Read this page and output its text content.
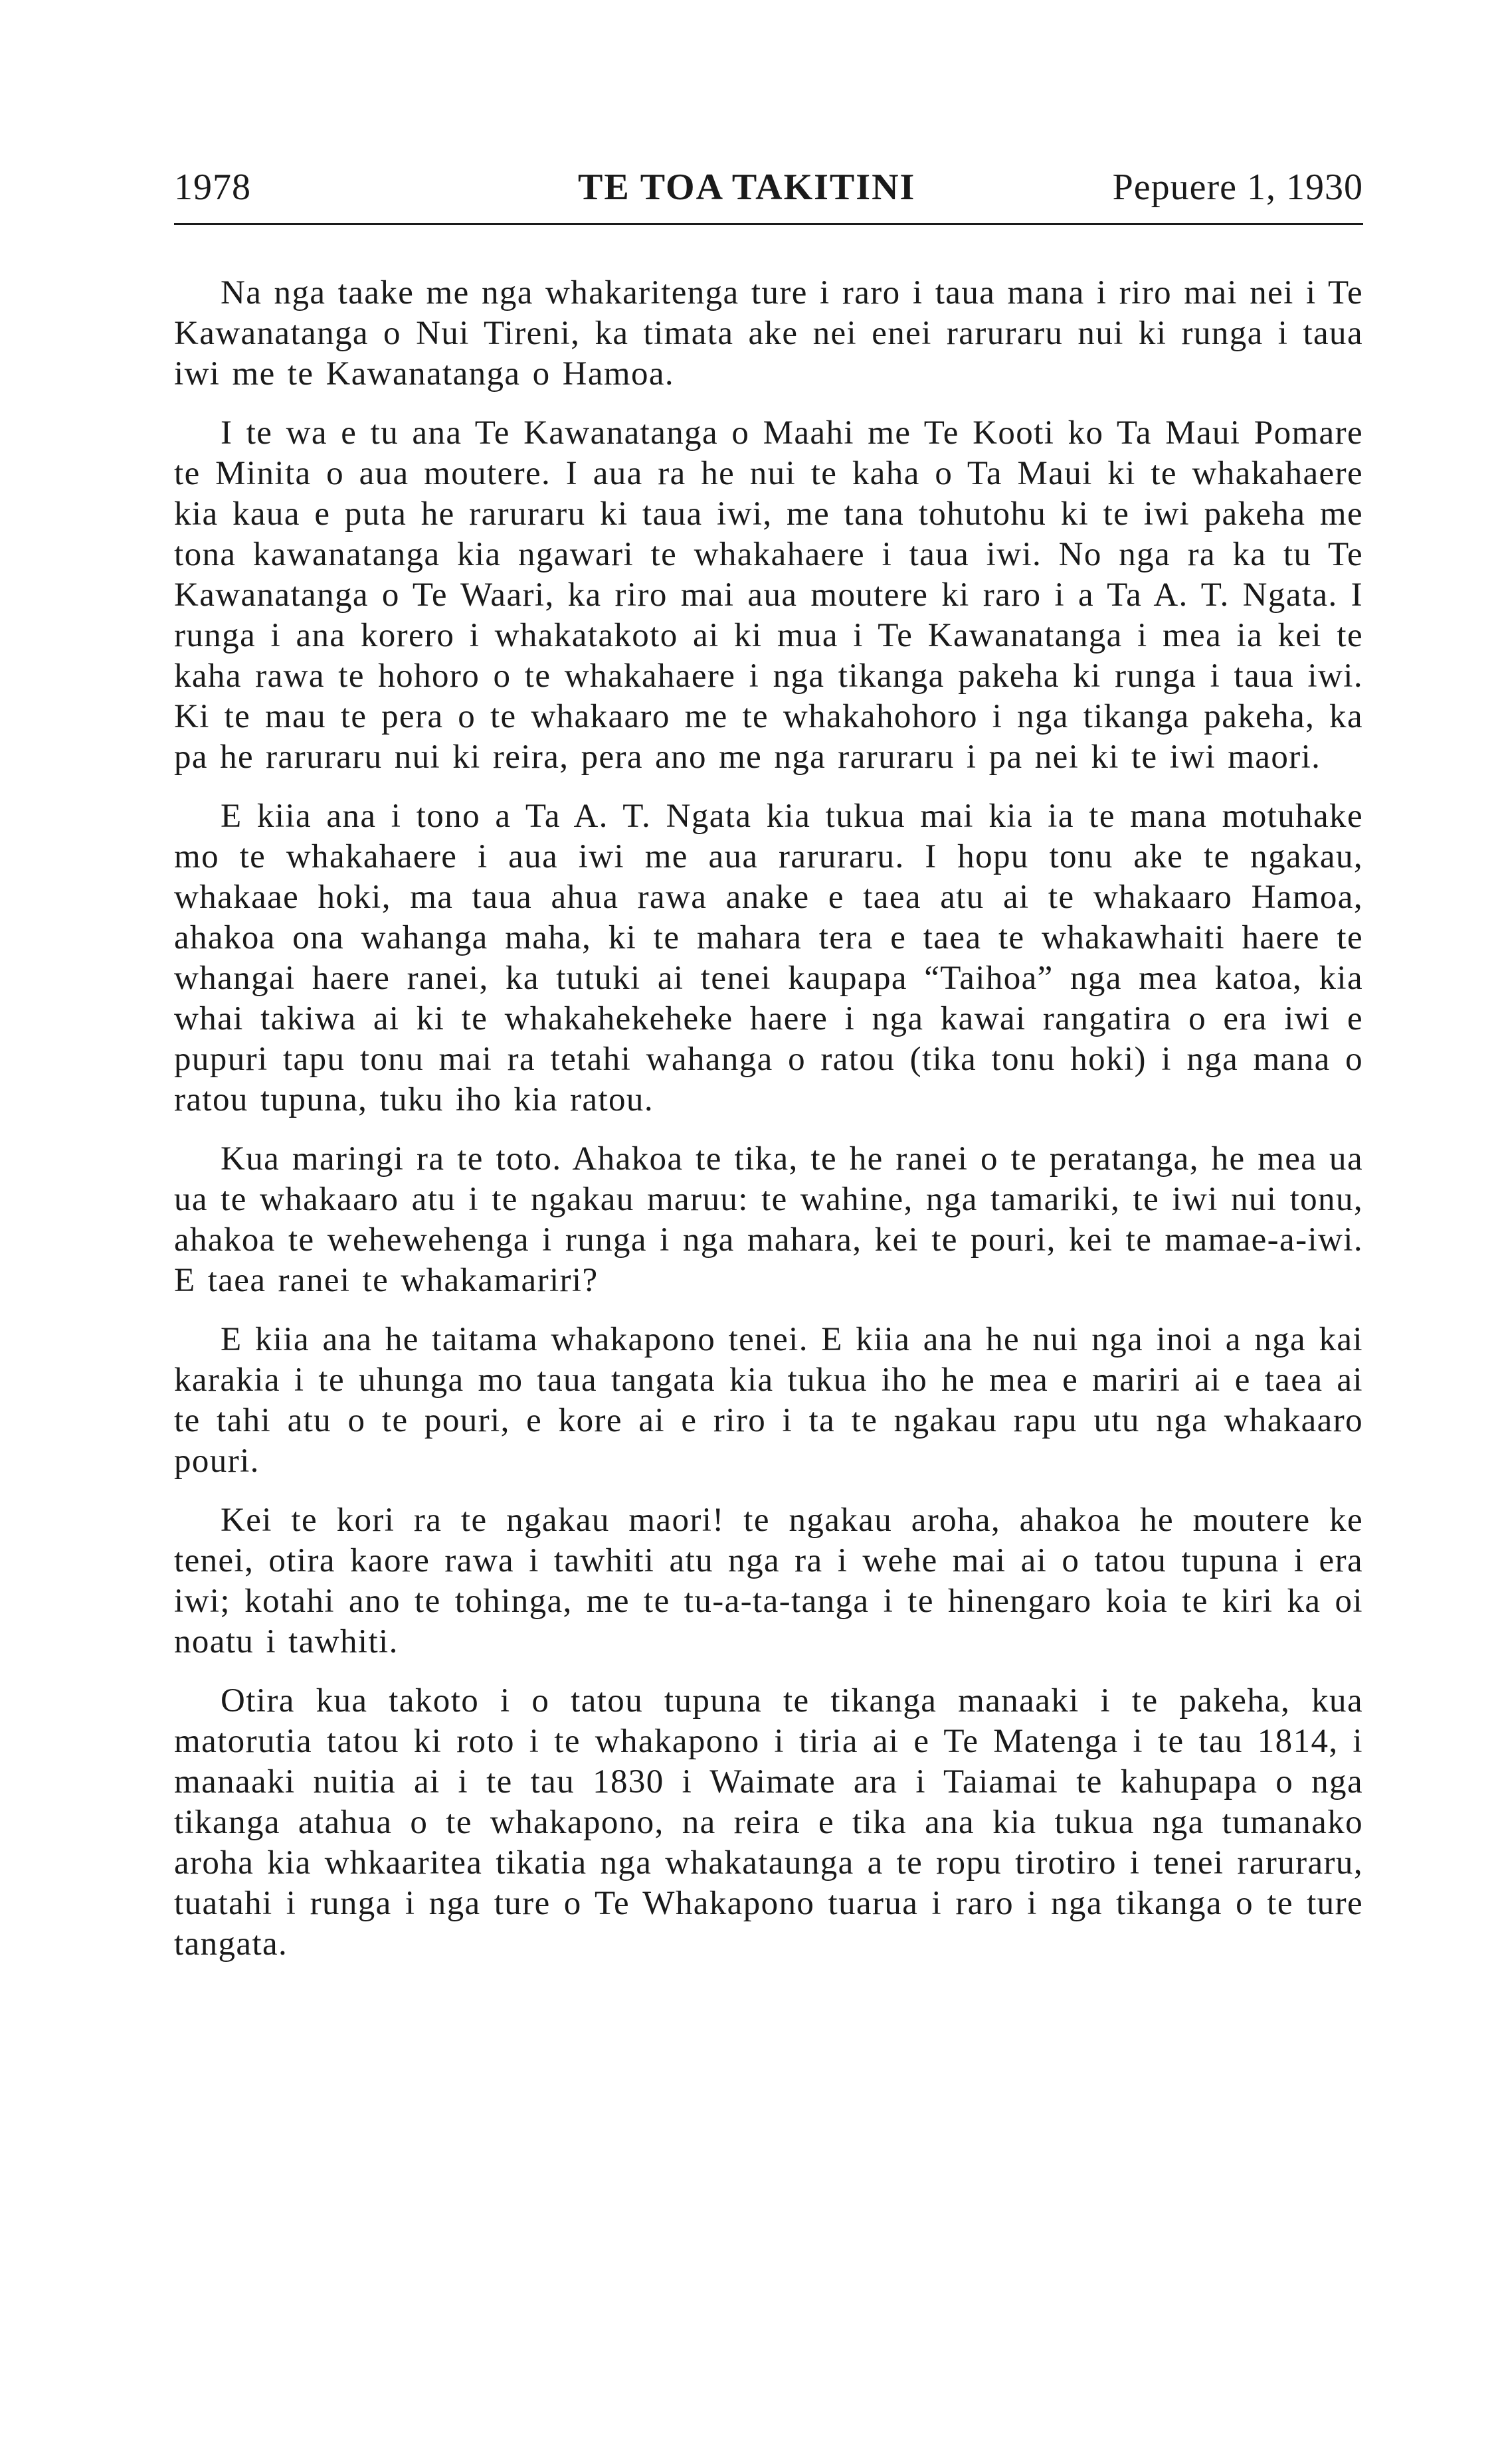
1978	TE TOA TAKITINI	Pepuere 1, 1930

Na nga taake me nga whakaritenga ture i raro i taua mana i riro mai nei i Te Kawanatanga o Nui Tireni, ka timata ake nei enei raruraru nui ki runga i taua iwi me te Kawanatanga o Hamoa.

I te wa e tu ana Te Kawanatanga o Maahi me Te Kooti ko Ta Maui Pomare te Minita o aua moutere. I aua ra he nui te kaha o Ta Maui ki te whakahaere kia kaua e puta he raruraru ki taua iwi, me tana tohutohu ki te iwi pakeha me tona kawanatanga kia ngawari te whakahaere i taua iwi. No nga ra ka tu Te Kawanatanga o Te Waari, ka riro mai aua moutere ki raro i a Ta A. T. Ngata. I runga i ana korero i whakatakoto ai ki mua i Te Kawanatanga i mea ia kei te kaha rawa te hohoro o te whakahaere i nga tikanga pakeha ki runga i taua iwi. Ki te mau te pera o te whakaaro me te whakahohoro i nga tikanga pakeha, ka pa he raruraru nui ki reira, pera ano me nga raruraru i pa nei ki te iwi maori.

E kiia ana i tono a Ta A. T. Ngata kia tukua mai kia ia te mana motuhake mo te whakahaere i aua iwi me aua raruraru. I hopu tonu ake te ngakau, whakaae hoki, ma taua ahua rawa anake e taea atu ai te whakaaro Hamoa, ahakoa ona wahanga maha, ki te mahara tera e taea te whakawhaiti haere te whangai haere ranei, ka tutuki ai tenei kaupapa “Taihoa” nga mea katoa, kia whai takiwa ai ki te whakahekeheke haere i nga kawai rangatira o era iwi e pupuri tapu tonu mai ra tetahi wahanga o ratou (tika tonu hoki) i nga mana o ratou tupuna, tuku iho kia ratou.

Kua maringi ra te toto. Ahakoa te tika, te he ranei o te peratanga, he mea ua ua te whakaaro atu i te ngakau maruu: te wahine, nga tamariki, te iwi nui tonu, ahakoa te wehewehenga i runga i nga mahara, kei te pouri, kei te mamae-a-iwi. E taea ranei te whakamariri?

E kiia ana he taitama whakapono tenei. E kiia ana he nui nga inoi a nga kai karakia i te uhunga mo taua tangata kia tukua iho he mea e mariri ai e taea ai te tahi atu o te pouri, e kore ai e riro i ta te ngakau rapu utu nga whakaaro pouri.

Kei te kori ra te ngakau maori! te ngakau aroha, ahakoa he moutere ke tenei, otira kaore rawa i tawhiti atu nga ra i wehe mai ai o tatou tupuna i era iwi; kotahi ano te tohinga, me te tu-a-ta-tanga i te hinengaro koia te kiri ka oi noatu i tawhiti.

Otira kua takoto i o tatou tupuna te tikanga manaaki i te pakeha, kua matorutia tatou ki roto i te whakapono i tiria ai e Te Matenga i te tau 1814, i manaaki nuitia ai i te tau 1830 i Waimate ara i Taiamai te kahupapa o nga tikanga atahua o te whakapono, na reira e tika ana kia tukua nga tumanako aroha kia whkaaritea tikatia nga whakataunga a te ropu tirotiro i tenei raruraru, tuatahi i runga i nga ture o Te Whakapono tuarua i raro i nga tikanga o te ture tangata.
